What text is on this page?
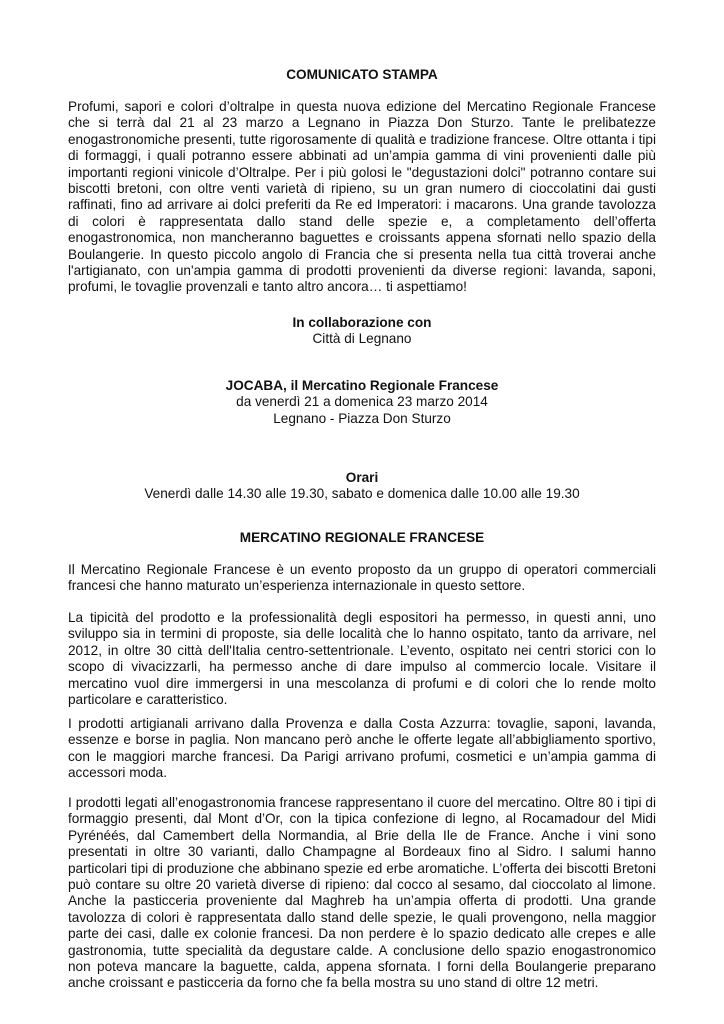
COMUNICATO STAMPA

Profumi, sapori e colori d’oltralpe in questa nuova edizione del Mercatino Regionale Francese che si terrà dal 21 al 23 marzo a Legnano in Piazza Don Sturzo. Tante le prelibatezze enogastronomiche presenti, tutte rigorosamente di qualità e tradizione francese. Oltre ottanta i tipi di formaggi, i quali potranno essere abbinati ad un’ampia gamma di vini provenienti dalle più importanti regioni vinicole d’Oltralpe. Per i più golosi le "degustazioni dolci" potranno contare sui biscotti bretoni, con oltre venti varietà di ripieno, su un gran numero di cioccolatini dai gusti raffinati, fino ad arrivare ai dolci preferiti da Re ed Imperatori: i macarons. Una grande tavolozza di colori è rappresentata dallo stand delle spezie e, a completamento dell’offerta enogastronomica, non mancheranno baguettes e croissants appena sfornati nello spazio della Boulangerie. In questo piccolo angolo di Francia che si presenta nella tua città troverai anche l'artigianato, con un'ampia gamma di prodotti provenienti da diverse regioni: lavanda, saponi, profumi, le tovaglie provenzali e tanto altro ancora… ti aspettiamo!

In collaborazione con
Città di Legnano
JOCABA, il Mercatino Regionale Francese
da venerdì 21 a domenica 23 marzo 2014
Legnano - Piazza Don Sturzo
Orari
Venerdì dalle 14.30 alle 19.30, sabato e domenica dalle 10.00 alle 19.30
MERCATINO REGIONALE FRANCESE

Il Mercatino Regionale Francese è un evento proposto da un gruppo di operatori commerciali francesi che hanno maturato un’esperienza internazionale in questo settore.

La tipicità del prodotto e la professionalità degli espositori ha permesso, in questi anni, uno sviluppo sia in termini di proposte, sia delle località che lo hanno ospitato, tanto da arrivare, nel 2012, in oltre 30 città dell'Italia centro-settentrionale. L’evento, ospitato nei centri storici con lo scopo di vivacizzarli, ha permesso anche di dare impulso al commercio locale. Visitare il mercatino vuol dire immergersi in una mescolanza di profumi e di colori che lo rende molto particolare e caratteristico.

I prodotti artigianali arrivano dalla Provenza e dalla Costa Azzurra: tovaglie, saponi, lavanda, essenze e borse in paglia. Non mancano però anche le offerte legate all’abbigliamento sportivo, con le maggiori marche francesi. Da Parigi arrivano profumi, cosmetici e un’ampia gamma di accessori moda.

I prodotti legati all’enogastronomia francese rappresentano il cuore del mercatino. Oltre 80 i tipi di formaggio presenti, dal Mont d’Or, con la tipica confezione di legno, al Rocamadour del Midi Pyrénéés, dal Camembert della Normandia, al Brie della Ile de France. Anche i vini sono presentati in oltre 30 varianti, dallo Champagne al Bordeaux fino al Sidro. I salumi hanno particolari tipi di produzione che abbinano spezie ed erbe aromatiche. L’offerta dei biscotti Bretoni può contare su oltre 20 varietà diverse di ripieno: dal cocco al sesamo, dal cioccolato al limone. Anche la pasticceria proveniente dal Maghreb ha un’ampia offerta di prodotti. Una grande tavolozza di colori è rappresentata dallo stand delle spezie, le quali provengono, nella maggior parte dei casi, dalle ex colonie francesi. Da non perdere è lo spazio dedicato alle crepes e alle gastronomia, tutte specialità da degustare calde. A conclusione dello spazio enogastronomico non poteva mancare la baguette, calda, appena sfornata. I forni della Boulangerie preparano anche croissant e pasticceria da forno che fa bella mostra su uno stand di oltre 12 metri.
